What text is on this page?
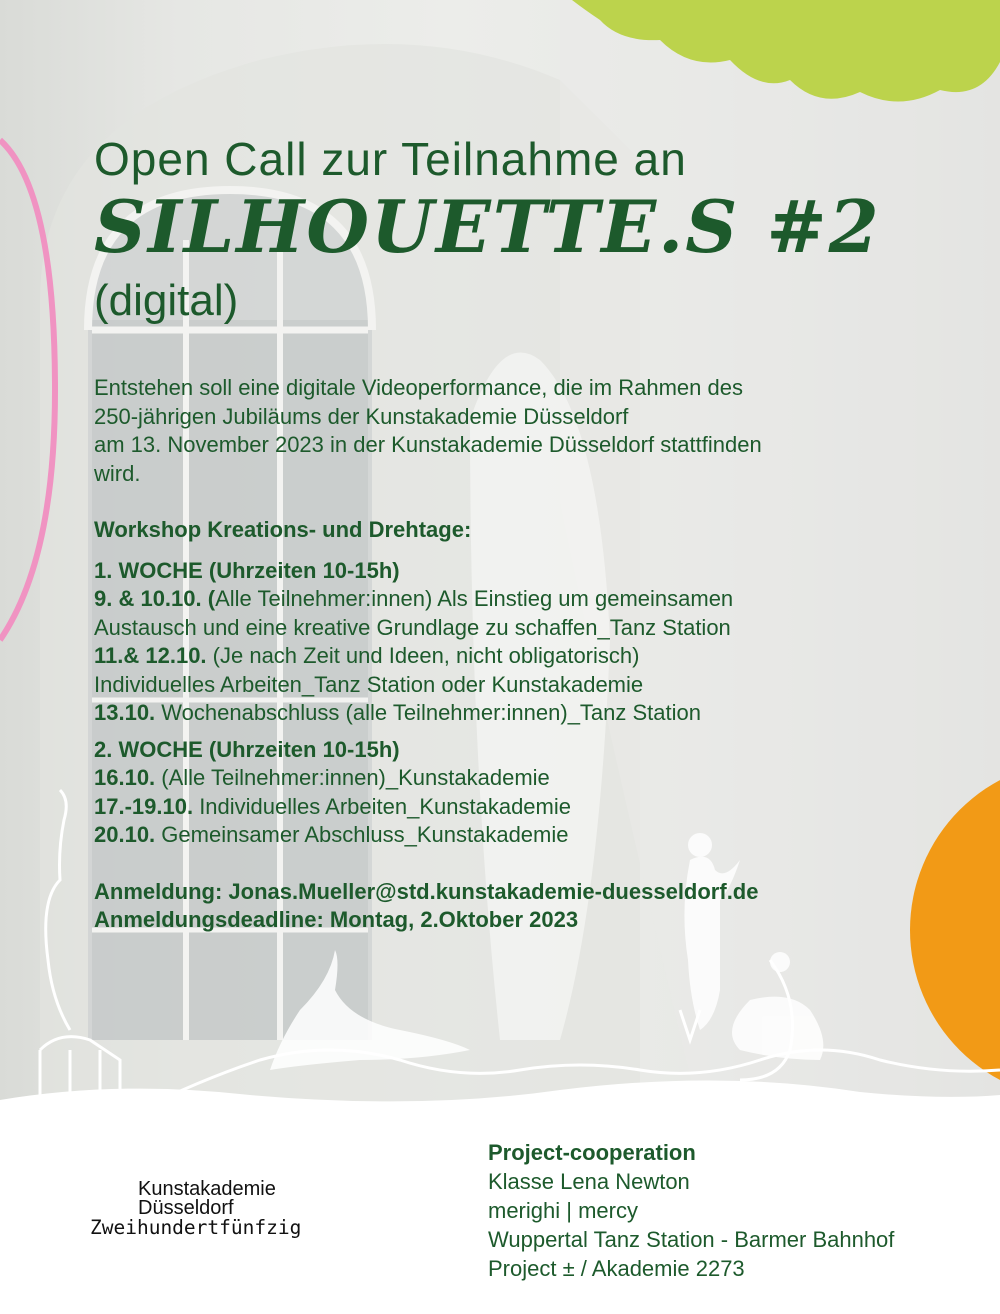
Open Call zur Teilnahme an
SILHOUETTE.S #2
(digital)

Entstehen soll eine digitale Videoperformance, die im Rahmen des

250-jährigen Jubiläums der Kunstakademie Düsseldorf

am 13. November 2023 in der Kunstakademie Düsseldorf stattfinden

wird.

Workshop Kreations- und Drehtage:

1. WOCHE (Uhrzeiten 10-15h)

9. & 10.10. (Alle Teilnehmer:innen) Als Einstieg um gemeinsamen

Austausch und eine kreative Grundlage zu schaffen_Tanz Station

11.& 12.10. (Je nach Zeit und Ideen, nicht obligatorisch)

Individuelles Arbeiten_Tanz Station oder Kunstakademie

13.10. Wochenabschluss (alle Teilnehmer:innen)_Tanz Station

2. WOCHE (Uhrzeiten 10-15h)

16.10. (Alle Teilnehmer:innen)_Kunstakademie

17.-19.10. Individuelles Arbeiten_Kunstakademie

20.10. Gemeinsamer Abschluss_Kunstakademie

Anmeldung: Jonas.Mueller@std.kunstakademie-duesseldorf.de

Anmeldungsdeadline: Montag, 2.Oktober 2023

Kunstakademie
Düsseldorf
Zweihundertfünfzig
Project-cooperation
Klasse Lena Newton
merighi | mercy
Wuppertal Tanz Station - Barmer Bahnhof
Project ± / Akademie 2273
